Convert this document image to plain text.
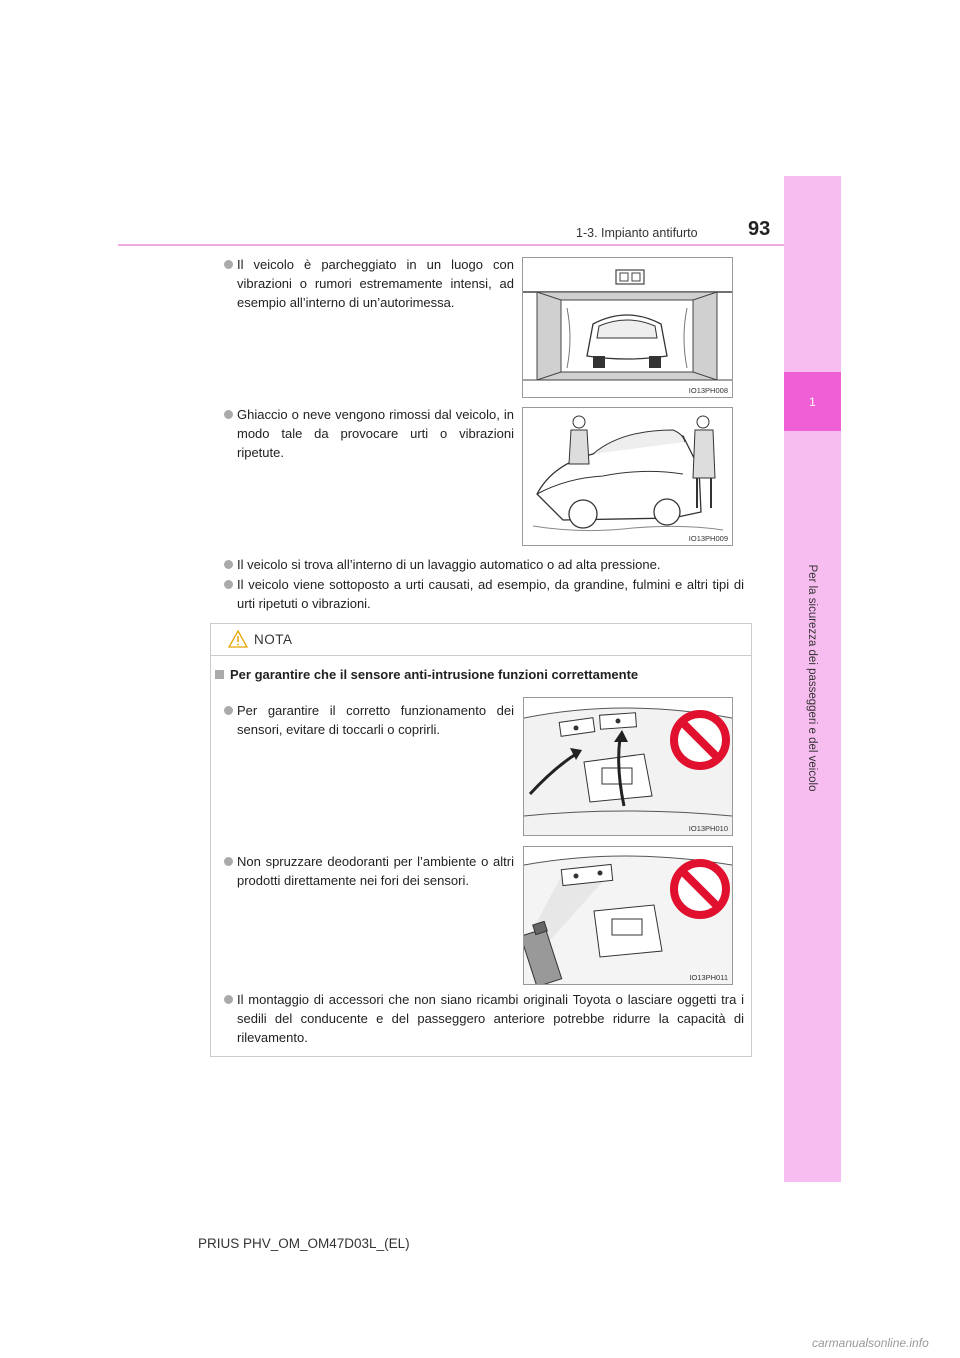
1
Per la sicurezza dei passeggeri e del veicolo
1-3. Impianto antifurto	93
Il veicolo è parcheggiato in un luogo con vibrazioni o rumori estremamente intensi, ad esempio all’interno di un’autorimessa.
IO13PH008
Ghiaccio o neve vengono rimossi dal veicolo, in modo tale da provocare urti o vibrazioni ripetute.
IO13PH009
Il veicolo si trova all’interno di un lavaggio automatico o ad alta pressione.
Il veicolo viene sottoposto a urti causati, ad esempio, da grandine, fulmini e altri tipi di urti ripetuti o vibrazioni.
NOTA
Per garantire che il sensore anti-intrusione funzioni correttamente
Per garantire il corretto funzionamento dei sensori, evitare di toccarli o coprirli.
IO13PH010
Non spruzzare deodoranti per l’ambiente o altri prodotti direttamente nei fori dei sensori.
IO13PH011
Il montaggio di accessori che non siano ricambi originali Toyota o lasciare oggetti tra i sedili del conducente e del passeggero anteriore potrebbe ridurre la capacità di rilevamento.
PRIUS PHV_OM_OM47D03L_(EL)
carmanualsonline.info
